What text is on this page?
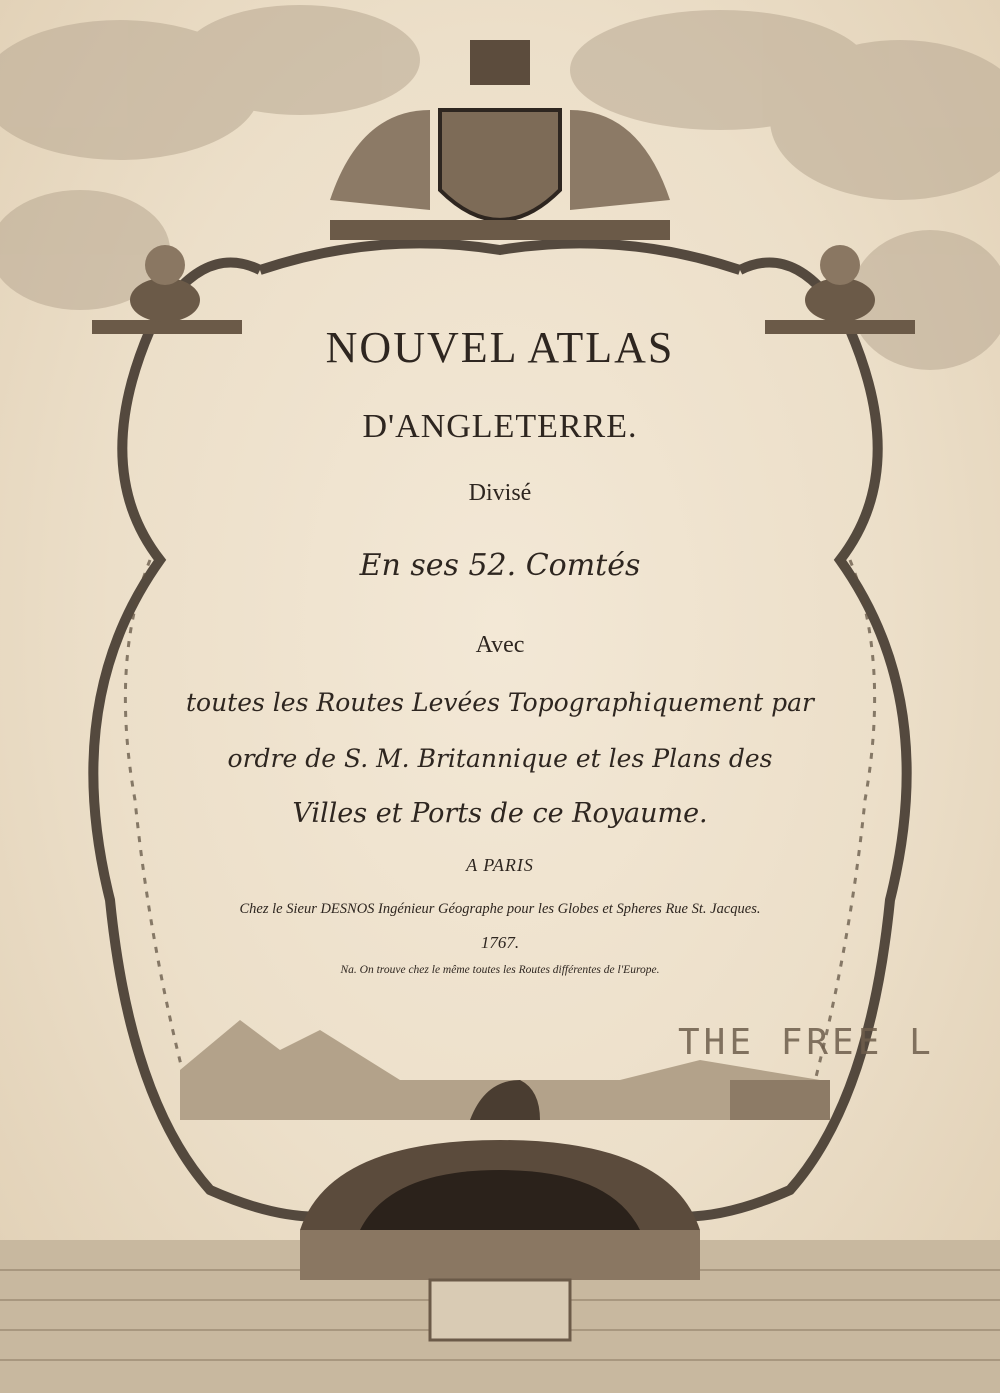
NOUVEL ATLAS
D'ANGLETERRE.
Divisé
En ses 52. Comtés
Avec
toutes les Routes Levées Topographiquement par
ordre de S. M. Britannique et les Plans des
Villes et Ports de ce Royaume.
A PARIS
Chez le Sieur DESNOS Ingénieur Géographe pour les Globes et Spheres Rue St. Jacques.
1767.
Na. On trouve chez le même toutes les Routes différentes de l'Europe.
THE FREE L
